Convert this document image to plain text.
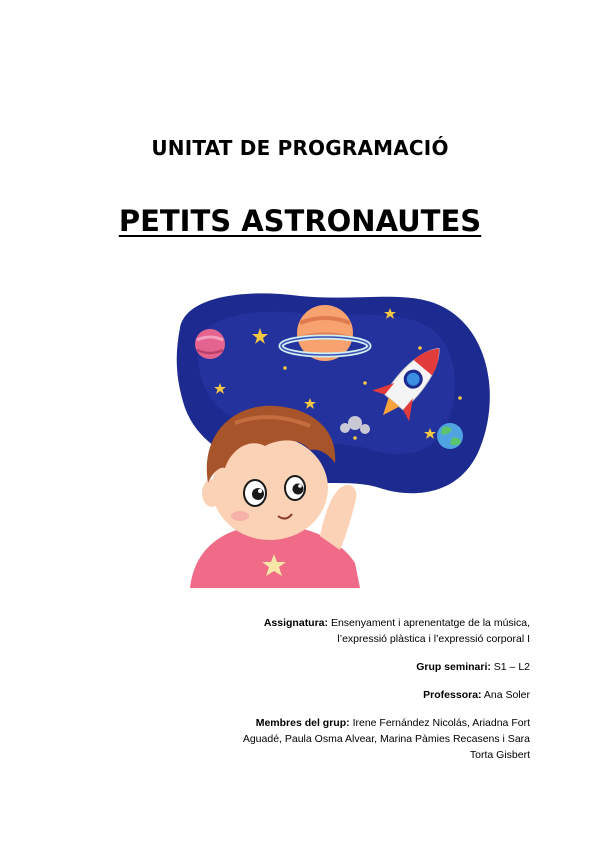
UNITAT DE PROGRAMACIÓ
PETITS ASTRONAUTES

Assignatura: Ensenyament i aprenentatge de la música, l’expressió plàstica i l’expressió corporal I

Grup seminari: S1 – L2

Professora: Ana Soler

Membres del grup: Irene Fernández Nicolás, Ariadna Fort Aguadé, Paula Osma Alvear, Marina Pàmies Recasens i Sara Torta Gisbert
